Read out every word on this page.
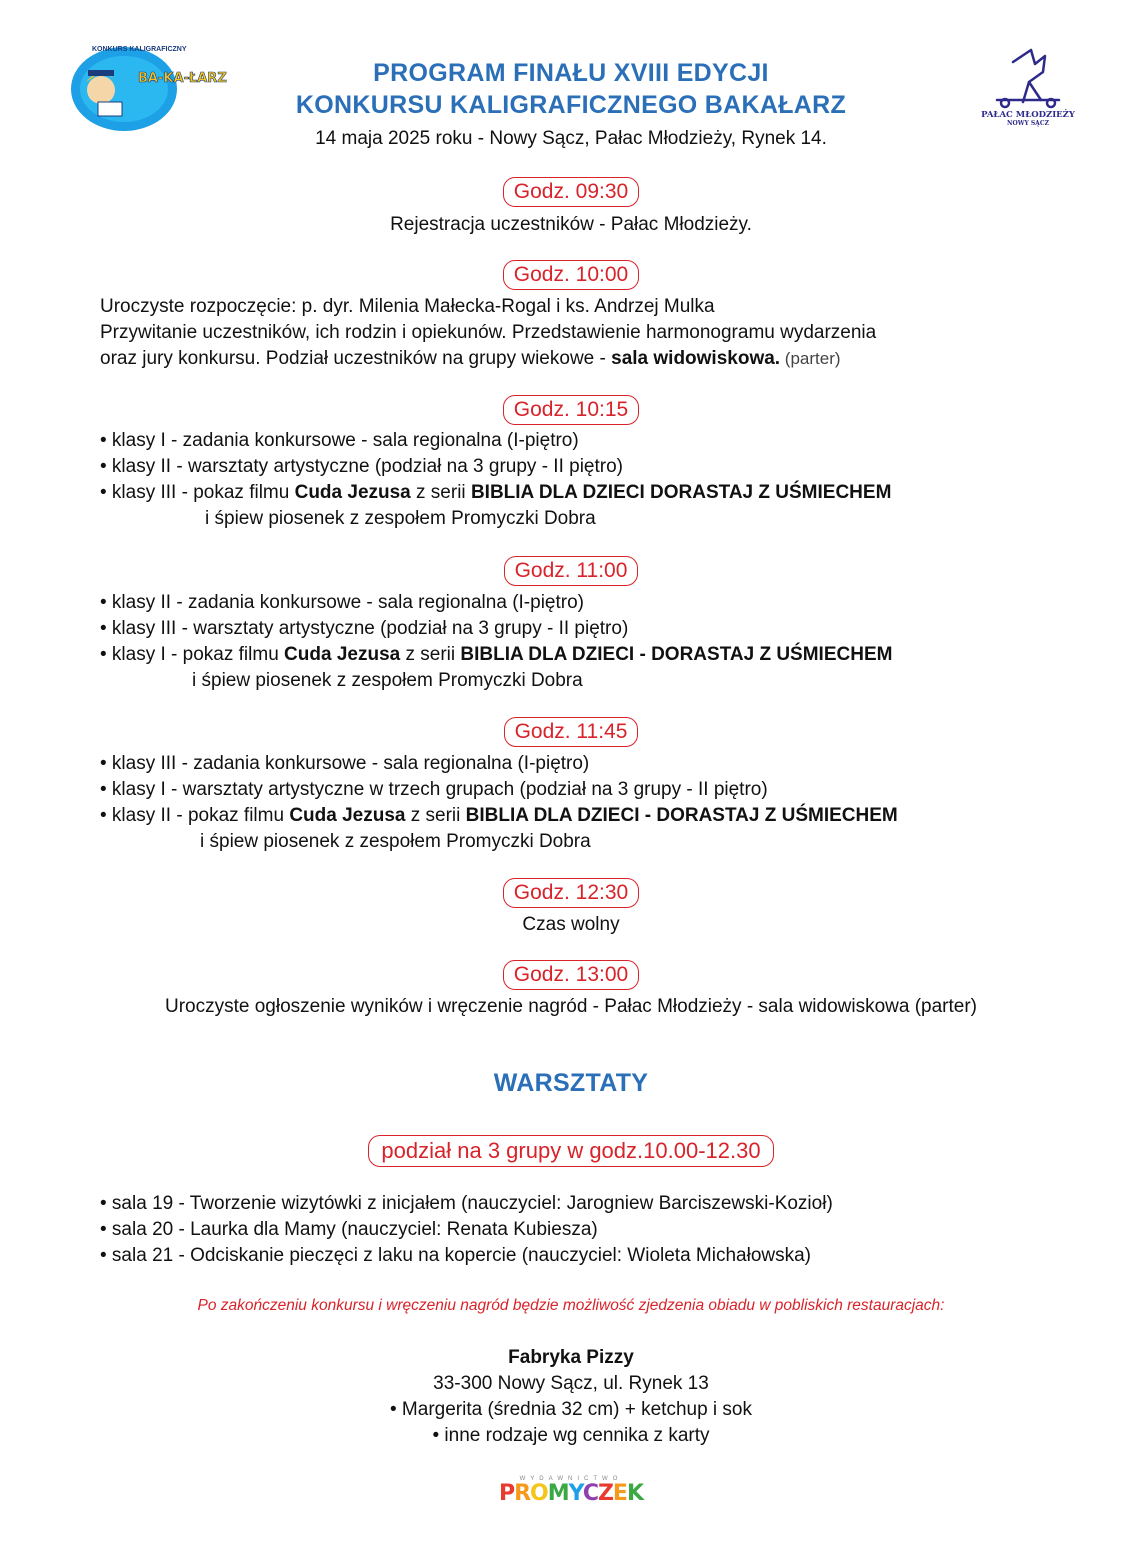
BA-KA-ŁARZ
KONKURS KALIGRAFICZNY
PAŁAC MŁODZIEŻY
NOWY SĄCZ
PROGRAM FINAŁU XVIII EDYCJI
KONKURSU KALIGRAFICZNEGO BAKAŁARZ
14 maja 2025 roku - Nowy Sącz, Pałac Młodzieży, Rynek 14.
Godz. 09:30
Rejestracja uczestników - Pałac Młodzieży.
Godz. 10:00
Uroczyste rozpoczęcie: p. dyr. Milenia Małecka-Rogal i ks. Andrzej Mulka
Przywitanie uczestników, ich rodzin i opiekunów. Przedstawienie harmonogramu wydarzenia
oraz jury konkursu. Podział uczestników na grupy wiekowe - sala widowiskowa. (parter)
Godz. 10:15
• klasy I - zadania konkursowe - sala regionalna (I-piętro)
• klasy II - warsztaty artystyczne (podział na 3 grupy - II piętro)
• klasy III - pokaz filmu Cuda Jezusa z serii BIBLIA DLA DZIECI DORASTAJ Z UŚMIECHEM
i śpiew piosenek z zespołem Promyczki Dobra
Godz. 11:00
• klasy II - zadania konkursowe - sala regionalna (I-piętro)
• klasy III - warsztaty artystyczne (podział na 3 grupy - II piętro)
• klasy I - pokaz filmu Cuda Jezusa z serii BIBLIA DLA DZIECI - DORASTAJ Z UŚMIECHEM
i śpiew piosenek z zespołem Promyczki Dobra
Godz. 11:45
• klasy III - zadania konkursowe - sala regionalna (I-piętro)
• klasy I - warsztaty artystyczne w trzech grupach (podział na 3 grupy - II piętro)
• klasy II - pokaz filmu Cuda Jezusa z serii BIBLIA DLA DZIECI - DORASTAJ Z UŚMIECHEM
i śpiew piosenek z zespołem Promyczki Dobra
Godz. 12:30
Czas wolny
Godz. 13:00
Uroczyste ogłoszenie wyników i wręczenie nagród - Pałac Młodzieży - sala widowiskowa (parter)
WARSZTATY
podział na 3 grupy w godz.10.00-12.30
• sala 19 - Tworzenie wizytówki z inicjałem (nauczyciel: Jarogniew Barciszewski-Kozioł)
• sala 20 - Laurka dla Mamy (nauczyciel: Renata Kubiesza)
• sala 21 - Odciskanie pieczęci z laku na kopercie (nauczyciel: Wioleta Michałowska)
Po zakończeniu konkursu i wręczeniu nagród będzie możliwość zjedzenia obiadu w pobliskich restauracjach:
Fabryka Pizzy
33-300 Nowy Sącz, ul. Rynek 13
• Margerita (średnia 32 cm) + ketchup i sok
• inne rodzaje wg cennika z karty
WYDAWNICTWO
PROMYCZEK
